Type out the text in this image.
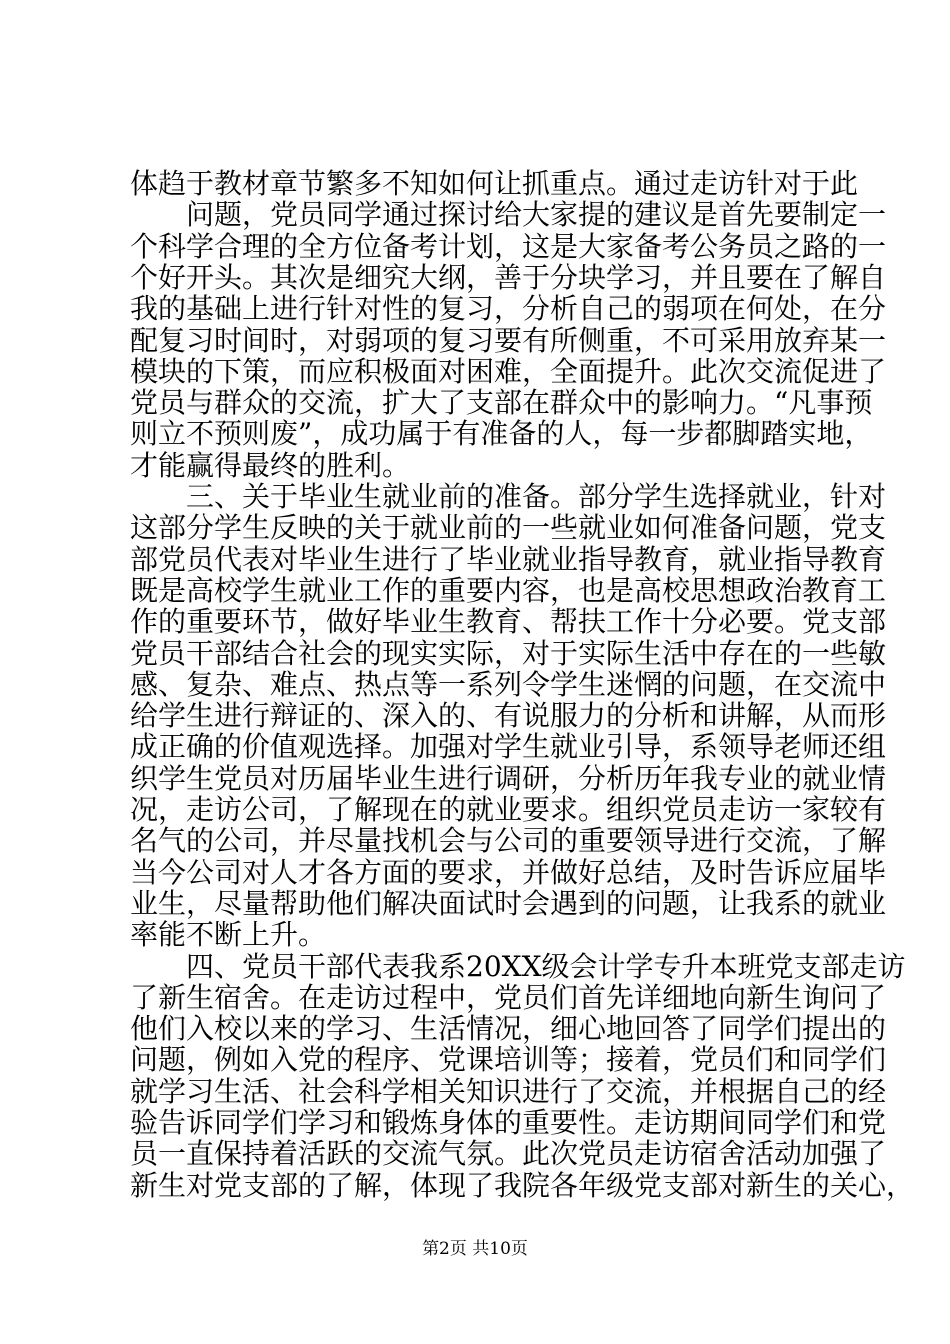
体趋于教材章节繁多不知如何让抓重点。通过走访针对于此
问题，党员同学通过探讨给大家提的建议是首先要制定一
个科学合理的全方位备考计划，这是大家备考公务员之路的一
个好开头。其次是细究大纲，善于分块学习，并且要在了解自
我的基础上进行针对性的复习，分析自己的弱项在何处，在分
配复习时间时，对弱项的复习要有所侧重，不可采用放弃某一
模块的下策，而应积极面对困难，全面提升。此次交流促进了
党员与群众的交流，扩大了支部在群众中的影响力。“凡事预
则立不预则废”，成功属于有准备的人，每一步都脚踏实地，
才能赢得最终的胜利。
三、关于毕业生就业前的准备。部分学生选择就业，针对
这部分学生反映的关于就业前的一些就业如何准备问题，党支
部党员代表对毕业生进行了毕业就业指导教育，就业指导教育
既是高校学生就业工作的重要内容，也是高校思想政治教育工
作的重要环节，做好毕业生教育、帮扶工作十分必要。党支部
党员干部结合社会的现实实际，对于实际生活中存在的一些敏
感、复杂、难点、热点等一系列令学生迷惘的问题，在交流中
给学生进行辩证的、深入的、有说服力的分析和讲解，从而形
成正确的价值观选择。加强对学生就业引导，系领导老师还组
织学生党员对历届毕业生进行调研，分析历年我专业的就业情
况，走访公司，了解现在的就业要求。组织党员走访一家较有
名气的公司，并尽量找机会与公司的重要领导进行交流，了解
当今公司对人才各方面的要求，并做好总结，及时告诉应届毕
业生，尽量帮助他们解决面试时会遇到的问题，让我系的就业
率能不断上升。
四、党员干部代表我系20XX级会计学专升本班党支部走访
了新生宿舍。在走访过程中，党员们首先详细地向新生询问了
他们入校以来的学习、生活情况，细心地回答了同学们提出的
问题，例如入党的程序、党课培训等；接着，党员们和同学们
就学习生活、社会科学相关知识进行了交流，并根据自己的经
验告诉同学们学习和锻炼身体的重要性。走访期间同学们和党
员一直保持着活跃的交流气氛。此次党员走访宿舍活动加强了
新生对党支部的了解，体现了我院各年级党支部对新生的关心，
第2页 共10页
